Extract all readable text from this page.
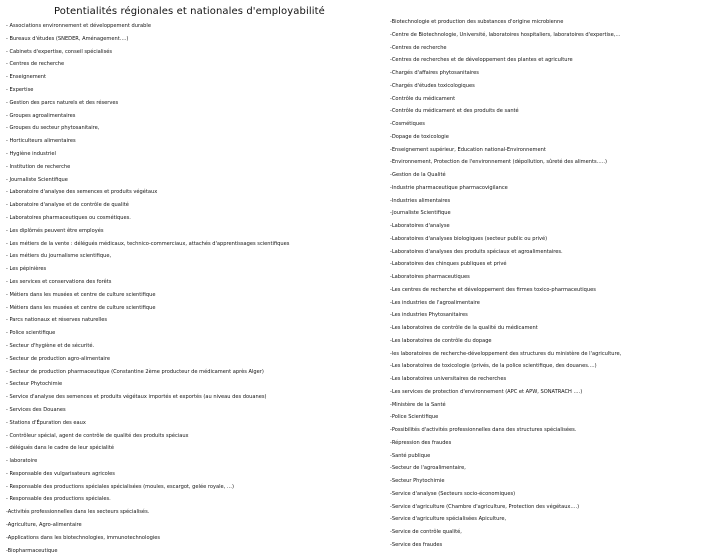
Potentialités régionales et nationales d'employabilité
- Associations environnement et développement durable
- Bureaux d'études (SNEDER, Aménagement….)
- Cabinets d'expertise, conseil spécialisés
- Centres de recherche
- Enseignement
- Expertise
- Gestion des parcs naturels et des réserves
- Groupes agroalimentaires
- Groupes du secteur phytosanitaire,
- Horticulteurs alimentaires
- Hygiène industriel
- Institution de recherche
- Journaliste Scientifique
- Laboratoire d'analyse des semences et produits végétaux
- Laboratoire d'analyse et de contrôle de qualité
- Laboratoires pharmaceutiques ou cosmétiques.
- Les diplômés peuvent être employés
- Les métiers de la vente : délégués médicaux, technico-commerciaux, attachés d'apprentissages scientifiques
- Les métiers du journalisme scientifique,
- Les pépinières
- Les services et conservations des forêts
- Métiers dans les musées et centre de culture scientifique
- Métiers dans les musées et centre de culture scientifique
- Parcs nationaux et réserves naturelles
- Police scientifique
- Secteur d'hygiène et de sécurité.
- Secteur de production agro-alimentaire
- Secteur de production pharmaceutique (Constantine 2ème producteur de médicament après Alger)
- Secteur Phytochimie
- Service d'analyse des semences et produits végétaux importés et exportés (au niveau des douanes)
- Services des Douanes
- Stations d'Épuration des eaux
- Contrôleur spécial, agent de contrôle de qualité des produits spéciaux
- délégués dans le cadre de leur spécialité
- laboratoire
- Responsable des vulgarisateurs agricoles
- Responsable des productions spéciales spécialisées (moules, escargot, gelée royale, …)
- Responsable des productions spéciales.
-Activités professionnelles dans les secteurs spécialisés.
-Agriculture, Agro-alimentaire
-Applications dans les biotechnologies, immunotechnologies
-Biopharmaceutique
-Biotechnologie et production des substances d'origine microbienne
-Centre de Biotechnologie, Université, laboratoires hospitaliers, laboratoires d'expertise,…
-Centres de recherche
-Centres de recherches et de développement des plantes et agriculture
-Chargés d'affaires phytosanitaires
-Chargés d'études toxicologiques
-Contrôle du médicament
-Contrôle du médicament et des produits de santé
-Cosmétiques
-Dopage de toxicologie
-Enseignement supérieur, Education national-Environnement
-Environnement, Protection de l'environnement (dépollution, sûreté des aliments…..)
-Gestion de la Qualité
-Industrie pharmaceutique pharmacovigilance
-Industries alimentaires
-Journaliste Scientifique
-Laboratoires d'analyse
-Laboratoires d'analyses biologiques (secteur public ou privé)
-Laboratoires d'analyses des produits spéciaux et agroalimentaires.
-Laboratoires des chinques publiques et privé
-Laboratoires pharmaceutiques
-Les centres de recherche et développement des firmes toxico-pharmaceutiques
-Les industries de l'agroalimentaire
-Les industries Phytosanitaires
-Les laboratoires de contrôle de la qualité du médicament
-Les laboratoires de contrôle du dopage
-les laboratoires de recherche-développement des structures du ministère de l'agriculture,
-Les laboratoires de toxicologie (privés, de la police scientifique, des douanes….)
-Les laboratoires universitaires de recherches
-Les services de protection d'environnement (APC et APW, SONATRACH ….)
-Ministère de la Santé
-Police Scientifique
-Possibilités d'activités professionnelles dans des structures spécialisées.
-Répression des fraudes
-Santé publique
-Secteur de l'agroalimentaire,
-Secteur Phytochimie
-Service d'analyse (Secteurs socio-économiques)
-Service d'agriculture (Chambre d'agriculture, Protection des végétaux….)
-Service d'agriculture spécialisées Apiculture,
-Service de contrôle qualité,
-Service des fraudes
